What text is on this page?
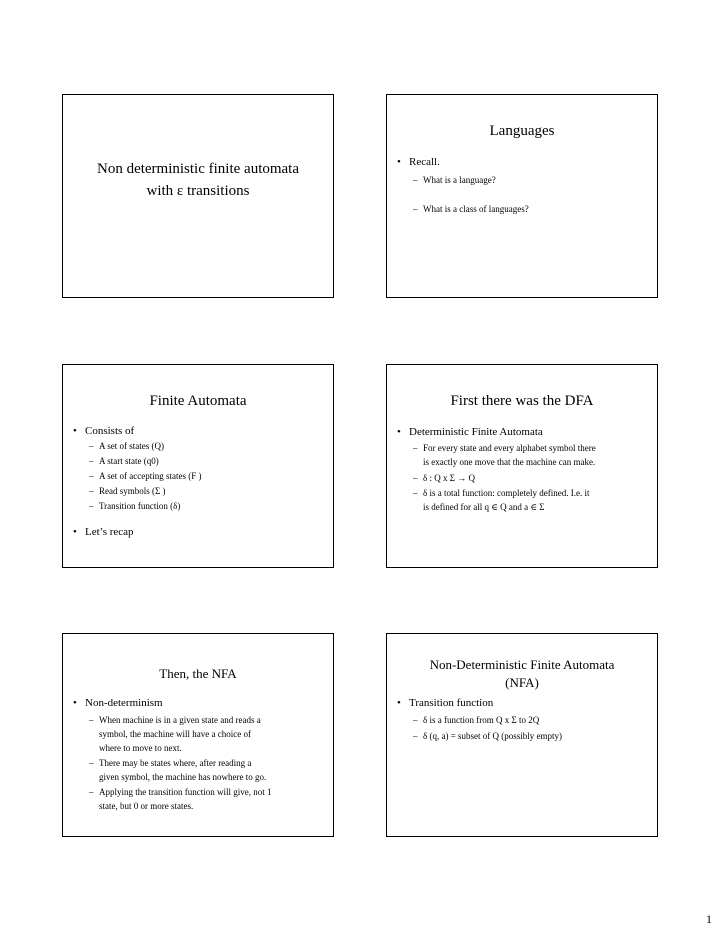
Non deterministic finite automata
with ε transitions
Languages
• Recall.
– What is a language?
– What is a class of languages?
Finite Automata
• Consists of
– A set of states (Q)
– A start state (q0)
– A set of accepting states (F )
– Read symbols (Σ )
– Transition function (δ)
• Let’s recap
First there was the DFA
• Deterministic Finite Automata
– For every state and every alphabet symbol there
is exactly one move that the machine can make.
– δ : Q x Σ → Q
– δ is a total function: completely defined. I.e. it
is defined for all q ∈ Q and a ∈ Σ
Then, the NFA
• Non-determinism
– When machine is in a given state and reads a
symbol, the machine will have a choice of
where to move to next.
– There may be states where, after reading a
given symbol, the machine has nowhere to go.
– Applying the transition function will give, not 1
state, but 0 or more states.
Non-Deterministic Finite Automata
(NFA)
• Transition function
– δ is a function from Q x Σ to 2Q
– δ (q, a) = subset of Q (possibly empty)
1
